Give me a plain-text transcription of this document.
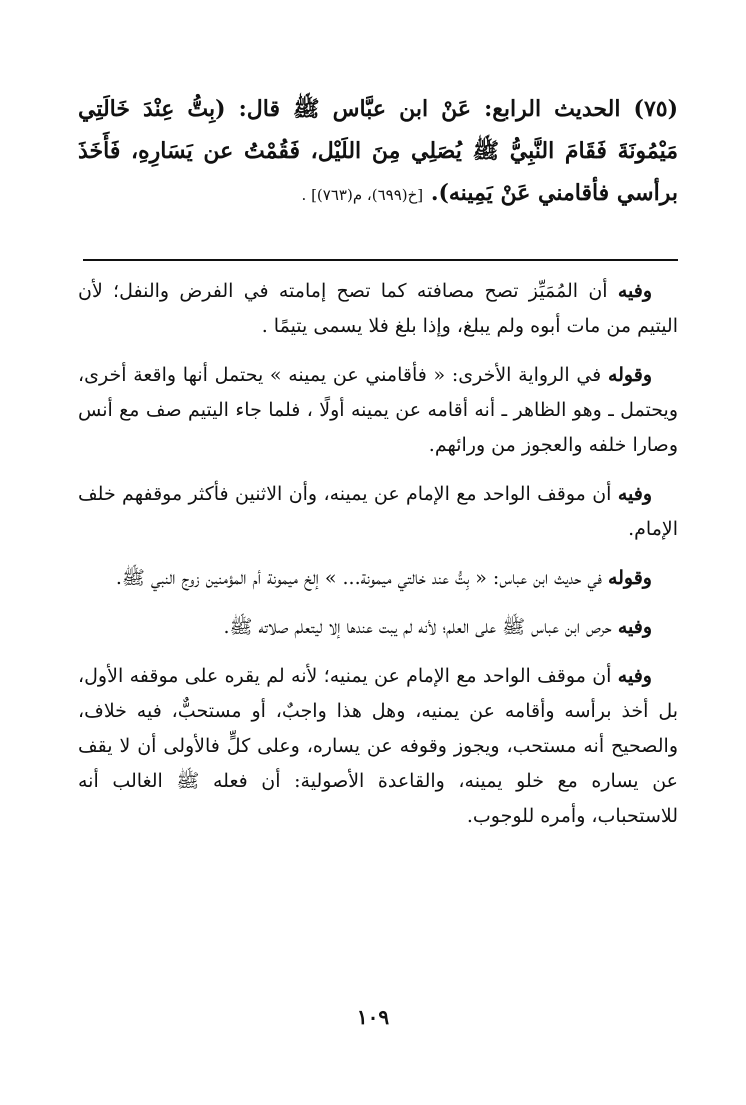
(٧٥) الحديث الرابع: عَنْ ابن عبَّاس ﷺ قال: (بِتُّ عِنْدَ خَالَتِي مَيْمُونَةَ فَقَامَ النَّبِيُّ ﷺ يُصَلِي مِنَ اللَيْل، فَقُمْتُ عن يَسَارِهِ، فَأَخَذَ برأسي فأقامني عَنْ يَمِينه). [خ(٦٩٩)، م(٧٦٣)] .

وفيه أن المُمَيِّز تصح مصافته كما تصح إمامته في الفرض والنفل؛ لأن اليتيم من مات أبوه ولم يبلغ، وإذا بلغ فلا يسمى يتيمًا .

وقوله في الرواية الأخرى: « فأقامني عن يمينه » يحتمل أنها واقعة أخرى، ويحتمل ـ وهو الظاهر ـ أنه أقامه عن يمينه أولًا ، فلما جاء اليتيم صف مع أنس وصارا خلفه والعجوز من ورائهم.

وفيه أن موقف الواحد مع الإمام عن يمينه، وأن الاثنين فأكثر موقفهم خلف الإمام.

وقوله في حديث ابن عباس: « بِتُّ عند خالتي ميمونة... » إلخ ميمونة أم المؤمنين زوج النبي ﷺ.

وفيه حرص ابن عباس ﷺ على العلم؛ لأنه لم يبت عندها إلا ليتعلم صلاته ﷺ.

وفيه أن موقف الواحد مع الإمام عن يمنيه؛ لأنه لم يقره على موقفه الأول، بل أخذ برأسه وأقامه عن يمنيه، وهل هذا واجبٌ، أو مستحبٌّ، فيه خلاف، والصحيح أنه مستحب، ويجوز وقوفه عن يساره، وعلى كلٍّ فالأولى أن لا يقف عن يساره مع خلو يمينه، والقاعدة الأصولية: أن فعله ﷺ الغالب أنه للاستحباب، وأمره للوجوب.

١٠٩
